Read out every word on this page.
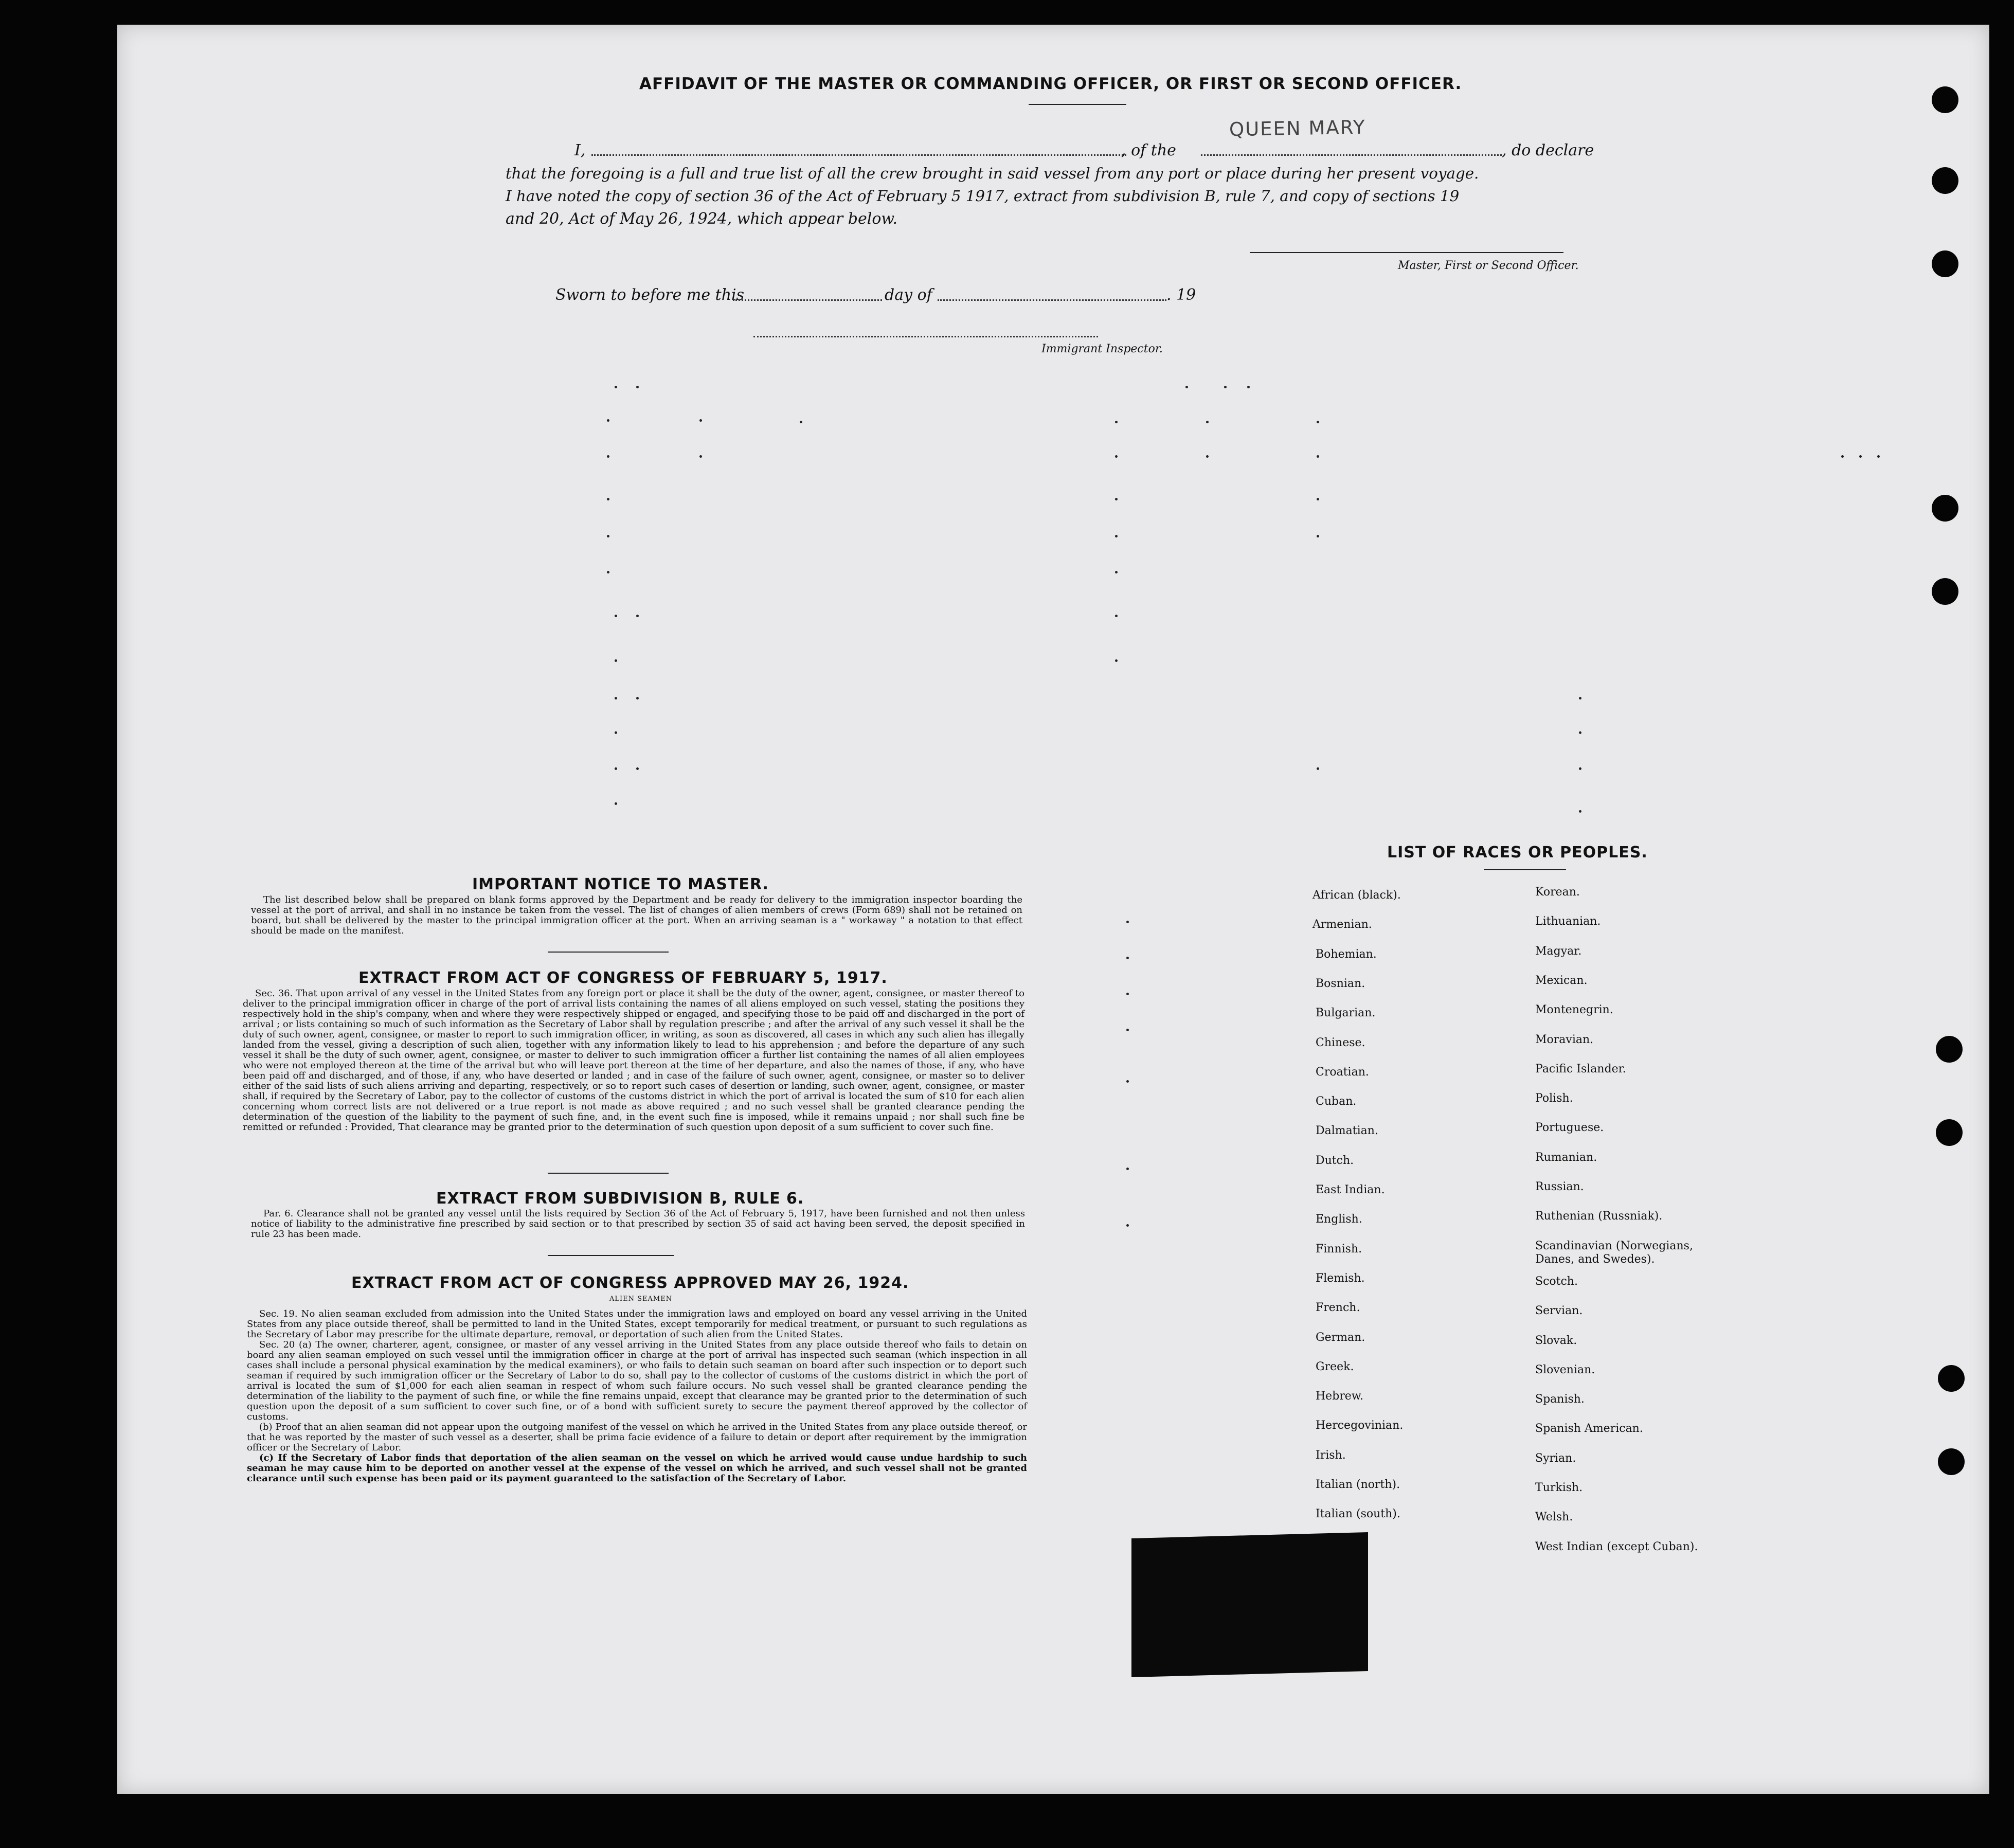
AFFIDAVIT OF THE MASTER OR COMMANDING OFFICER, OR FIRST OR SECOND OFFICER.
I,	, of the
QUEEN MARY
, do declare
that the foregoing is a full and true list of all the crew brought in said vessel from any port or place during her present voyage.
I have noted the copy of section 36 of the Act of February 5 1917, extract from subdivision B, rule 7, and copy of sections 19
and 20, Act of May 26, 1924, which appear below.
Master, First or Second Officer.
Sworn to before me this	day of	. 19
Immigrant Inspector.
IMPORTANT NOTICE TO MASTER.

The list described below shall be prepared on blank forms approved by the Department and be ready for delivery to the immigration inspector boarding the vessel at the port of arrival, and shall in no instance be taken from the vessel. The list of changes of alien members of crews (Form 689) shall not be retained on board, but shall be delivered by the master to the principal immigration officer at the port. When an arriving seaman is a " workaway " a notation to that effect should be made on the manifest.

EXTRACT FROM ACT OF CONGRESS OF FEBRUARY 5, 1917.

Sec. 36. That upon arrival of any vessel in the United States from any foreign port or place it shall be the duty of the owner, agent, consignee, or master thereof to deliver to the principal immigration officer in charge of the port of arrival lists containing the names of all aliens employed on such vessel, stating the positions they respectively hold in the ship's company, when and where they were respectively shipped or engaged, and specifying those to be paid off and discharged in the port of arrival ; or lists containing so much of such information as the Secretary of Labor shall by regulation prescribe ; and after the arrival of any such vessel it shall be the duty of such owner, agent, consignee, or master to report to such immigration officer, in writing, as soon as discovered, all cases in which any such alien has illegally landed from the vessel, giving a description of such alien, together with any information likely to lead to his apprehension ; and before the departure of any such vessel it shall be the duty of such owner, agent, consignee, or master to deliver to such immigration officer a further list containing the names of all alien employees who were not employed thereon at the time of the arrival but who will leave port thereon at the time of her departure, and also the names of those, if any, who have been paid off and discharged, and of those, if any, who have deserted or landed ; and in case of the failure of such owner, agent, consignee, or master so to deliver either of the said lists of such aliens arriving and departing, respectively, or so to report such cases of desertion or landing, such owner, agent, consignee, or master shall, if required by the Secretary of Labor, pay to the collector of customs of the customs district in which the port of arrival is located the sum of $10 for each alien concerning whom correct lists are not delivered or a true report is not made as above required ; and no such vessel shall be granted clearance pending the determination of the question of the liability to the payment of such fine, and, in the event such fine is imposed, while it remains unpaid ; nor shall such fine be remitted or refunded : Provided, That clearance may be granted prior to the determination of such question upon deposit of a sum sufficient to cover such fine.

EXTRACT FROM SUBDIVISION B, RULE 6.

Par. 6. Clearance shall not be granted any vessel until the lists required by Section 36 of the Act of February 5, 1917, have been furnished and not then unless notice of liability to the administrative fine prescribed by said section or to that prescribed by section 35 of said act having been served, the deposit specified in rule 23 has been made.

EXTRACT FROM ACT OF CONGRESS APPROVED MAY 26, 1924.
ALIEN SEAMEN

Sec. 19. No alien seaman excluded from admission into the United States under the immigration laws and employed on board any vessel arriving in the United States from any place outside thereof, shall be permitted to land in the United States, except temporarily for medical treatment, or pursuant to such regulations as the Secretary of Labor may prescribe for the ultimate departure, removal, or deportation of such alien from the United States.

Sec. 20 (a) The owner, charterer, agent, consignee, or master of any vessel arriving in the United States from any place outside thereof who fails to detain on board any alien seaman employed on such vessel until the immigration officer in charge at the port of arrival has inspected such seaman (which inspection in all cases shall include a personal physical examination by the medical examiners), or who fails to detain such seaman on board after such inspection or to deport such seaman if required by such immigration officer or the Secretary of Labor to do so, shall pay to the collector of customs of the customs district in which the port of arrival is located the sum of $1,000 for each alien seaman in respect of whom such failure occurs. No such vessel shall be granted clearance pending the determination of the liability to the payment of such fine, or while the fine remains unpaid, except that clearance may be granted prior to the determination of such question upon the deposit of a sum sufficient to cover such fine, or of a bond with sufficient surety to secure the payment thereof approved by the collector of customs.

(b) Proof that an alien seaman did not appear upon the outgoing manifest of the vessel on which he arrived in the United States from any place outside thereof, or that he was reported by the master of such vessel as a deserter, shall be prima facie evidence of a failure to detain or deport after requirement by the immigration officer or the Secretary of Labor.

(c) If the Secretary of Labor finds that deportation of the alien seaman on the vessel on which he arrived would cause undue hardship to such seaman he may cause him to be deported on another vessel at the expense of the vessel on which he arrived, and such vessel shall not be granted clearance until such expense has been paid or its payment guaranteed to the satisfaction of the Secretary of Labor.

LIST OF RACES OR PEOPLES.
African (black).
Armenian.
Bohemian.
Bosnian.
Bulgarian.
Chinese.
Croatian.
Cuban.
Dalmatian.
Dutch.
East Indian.
English.
Finnish.
Flemish.
French.
German.
Greek.
Hebrew.
Hercegovinian.
Irish.
Italian (north).
Italian (south).
Korean.
Lithuanian.
Magyar.
Mexican.
Montenegrin.
Moravian.
Pacific Islander.
Polish.
Portuguese.
Rumanian.
Russian.
Ruthenian (Russniak).
Scandinavian (Norwegians, Danes, and Swedes).
Scotch.
Servian.
Slovak.
Slovenian.
Spanish.
Spanish American.
Syrian.
Turkish.
Welsh.
West Indian (except Cuban).
